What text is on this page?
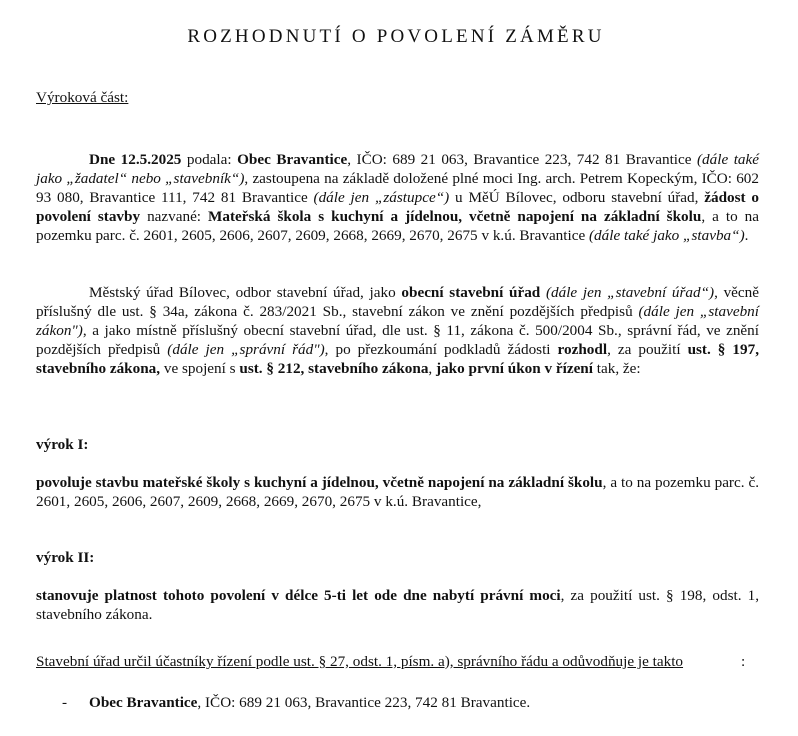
ROZHODNUTÍ O POVOLENÍ ZÁMĚRU
Výroková část:
Dne 12.5.2025 podala: Obec Bravantice, IČO: 689 21 063, Bravantice 223, 742 81 Bravantice (dále také jako „žadatel“ nebo „stavebník“), zastoupena na základě doložené plné moci Ing. arch. Petrem Kopeckým, IČO: 602 93 080, Bravantice 111, 742 81 Bravantice (dále jen „zástupce“) u MěÚ Bílovec, odboru stavební úřad, žádost o povolení stavby nazvané: Mateřská škola s kuchyní a jídelnou, včetně napojení na základní školu, a to na pozemku parc. č. 2601, 2605, 2606, 2607, 2609, 2668, 2669, 2670, 2675 v k.ú. Bravantice (dále také jako „stavba“).
Městský úřad Bílovec, odbor stavební úřad, jako obecní stavební úřad (dále jen „stavební úřad“), věcně příslušný dle ust. § 34a, zákona č. 283/2021 Sb., stavební zákon ve znění pozdějších předpisů (dále jen „stavební zákon"), a jako místně příslušný obecní stavební úřad, dle ust. § 11, zákona č. 500/2004 Sb., správní řád, ve znění pozdějších předpisů (dále jen „správní řád"), po přezkoumání podkladů žádosti rozhodl, za použití ust. § 197, stavebního zákona, ve spojení s ust. § 212, stavebního zákona, jako první úkon v řízení tak, že:
výrok I:
povoluje stavbu mateřské školy s kuchyní a jídelnou, včetně napojení na základní školu, a to na pozemku parc. č. 2601, 2605, 2606, 2607, 2609, 2668, 2669, 2670, 2675 v k.ú. Bravantice,
výrok II:
stanovuje platnost tohoto povolení v délce 5-ti let ode dne nabytí právní moci, za použití ust. § 198, odst. 1, stavebního zákona.
Stavební úřad určil účastníky řízení podle ust. § 27, odst. 1, písm. a), správního řádu a odůvodňuje je takto	:
- Obec Bravantice, IČO: 689 21 063, Bravantice 223, 742 81 Bravantice.
